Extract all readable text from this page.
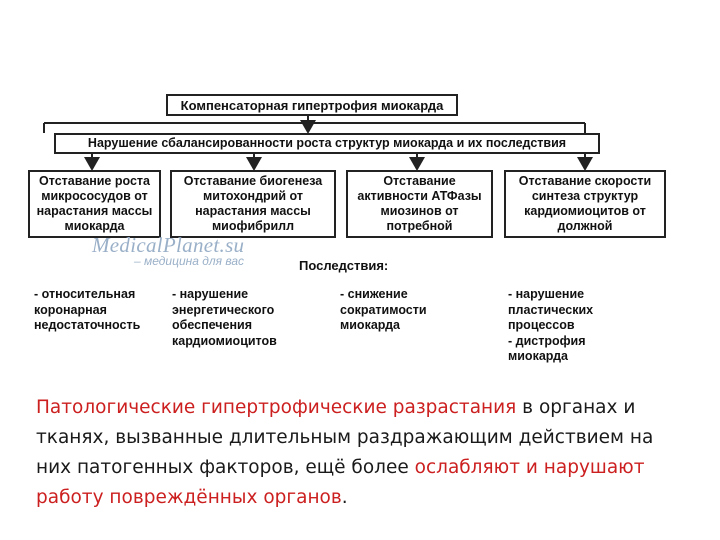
Компенсаторная гипертрофия миокарда
Нарушение сбалансированности роста структур миокарда и их последствия
Отставание роста микрососудов от нарастания массы миокарда
Отставание биогенеза митохондрий от нарастания массы миофибрилл
Отставание активности АТФазы миозинов от потребной
Отставание скорости синтеза структур кардиомиоцитов от должной
MedicalPlanet.su
– медицина для вас	Последствия:
- относительная
коронарная
недостаточность
- нарушение
энергетического
обеспечения
кардиомиоцитов
- снижение
сократимости
миокарда
- нарушение
пластических
процессов
- дистрофия
миокарда
Патологические гипертрофические разрастания в органах и тканях, вызванные длительным раздражающим действием на них патогенных факторов, ещё более ослабляют и нарушают работу повреждённых органов.
